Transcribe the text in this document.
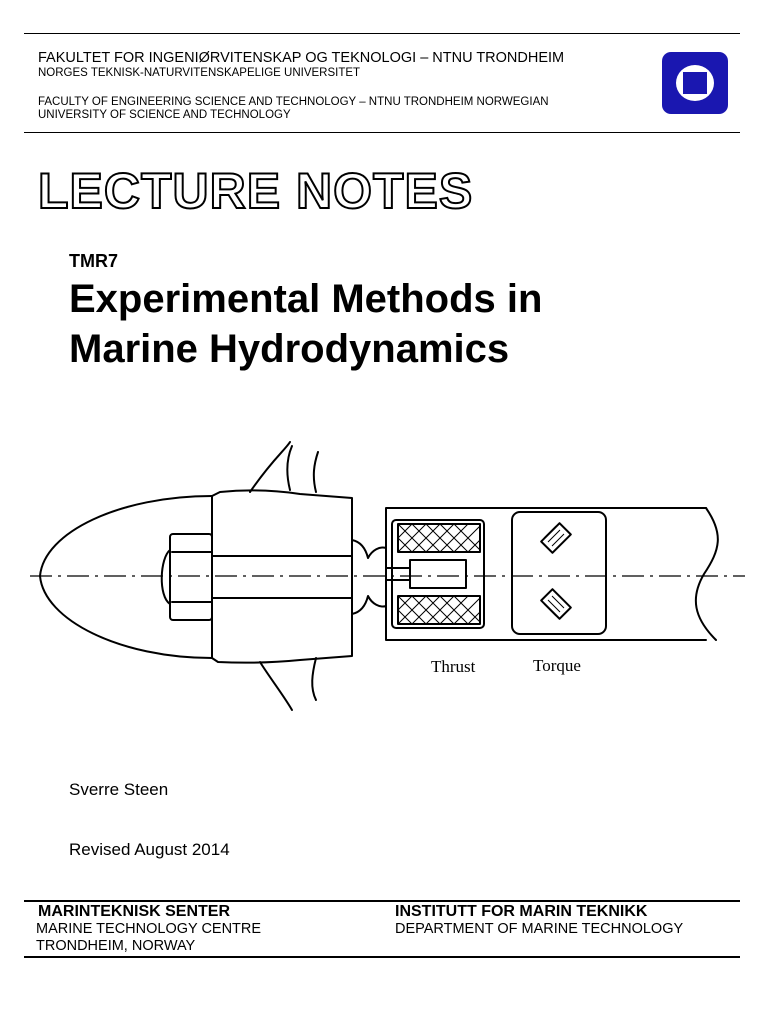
FAKULTET FOR INGENIØRVITENSKAP OG TEKNOLOGI – NTNU TRONDHEIM
NORGES TEKNISK-NATURVITENSKAPELIGE UNIVERSITET
FACULTY OF ENGINEERING SCIENCE AND TECHNOLOGY – NTNU TRONDHEIM NORWEGIAN
UNIVERSITY OF SCIENCE AND TECHNOLOGY
LECTURE NOTES
TMR7
Experimental Methods in
Marine Hydrodynamics
Thrust	Torque
Sverre Steen
Revised August 2014
MARINTEKNISK SENTER
MARINE TECHNOLOGY CENTRE
TRONDHEIM, NORWAY
INSTITUTT FOR MARIN TEKNIKK
DEPARTMENT OF MARINE TECHNOLOGY
